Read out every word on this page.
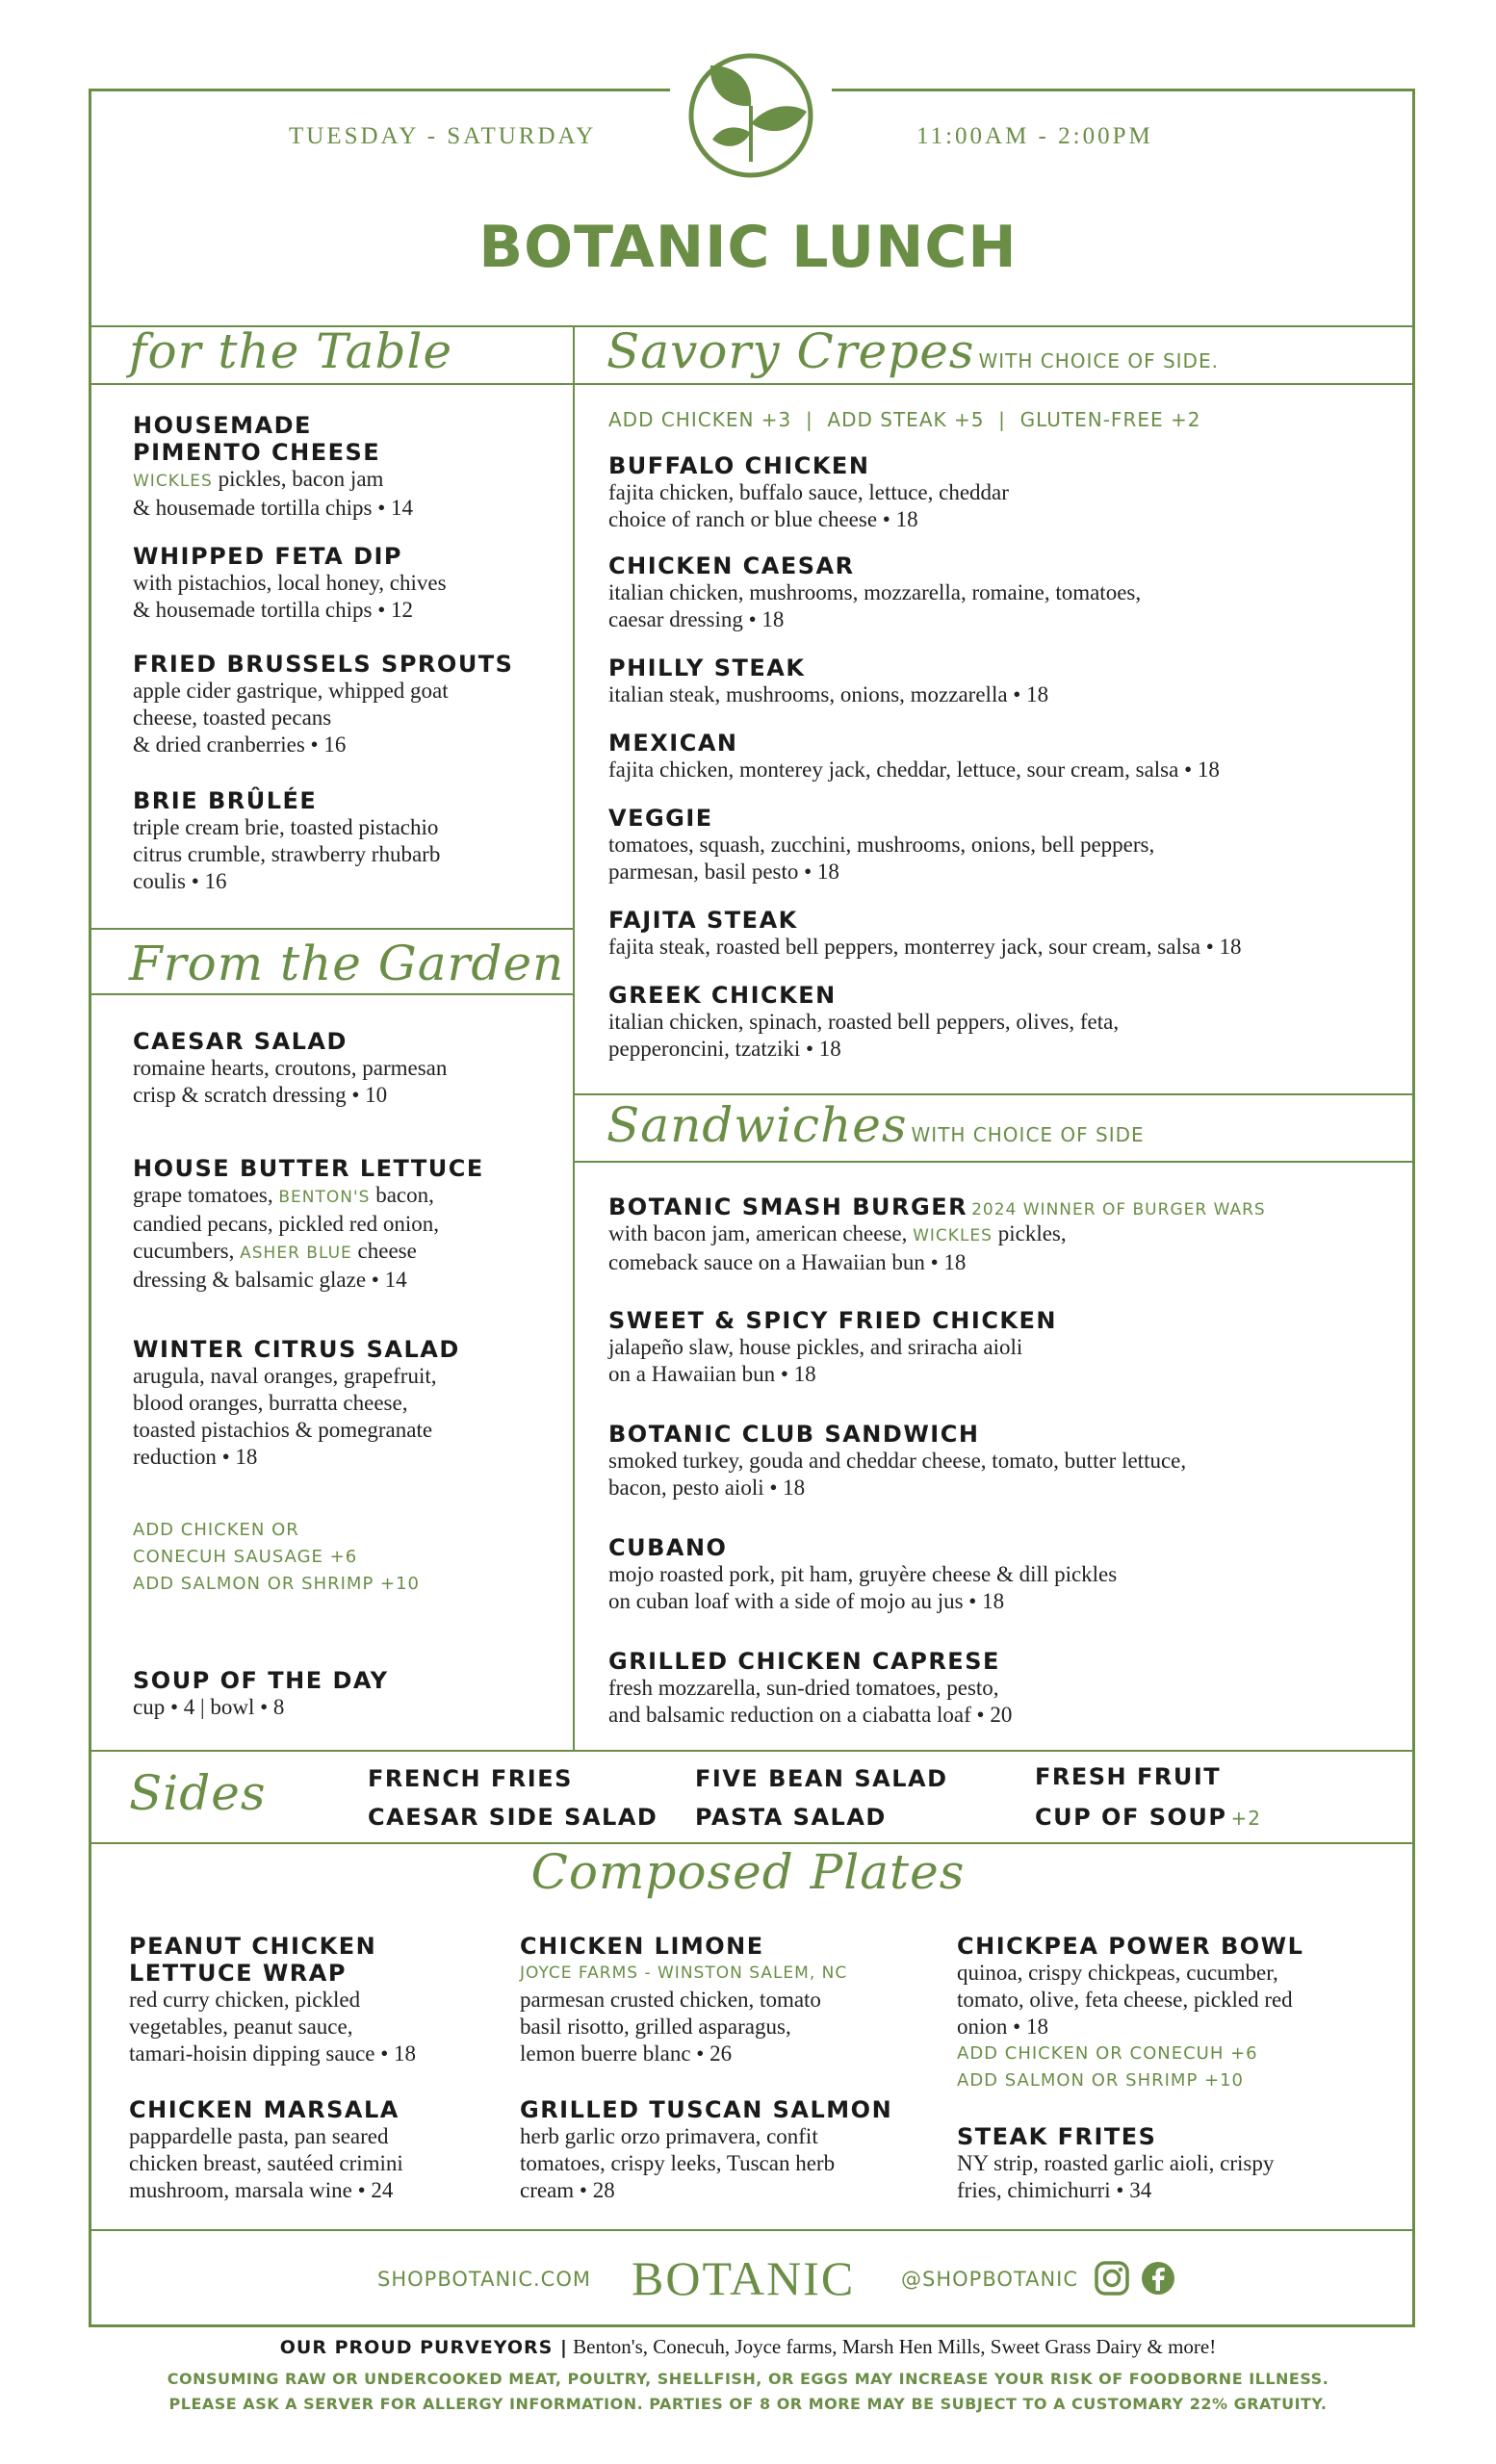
TUESDAY - SATURDAY	11:00AM - 2:00PM
BOTANIC LUNCH
for the Table
HOUSEMADE
PIMENTO CHEESE
WICKLES pickles, bacon jam
& housemade tortilla chips • 14
WHIPPED FETA DIP
with pistachios, local honey, chives
& housemade tortilla chips • 12
FRIED BRUSSELS SPROUTS
apple cider gastrique, whipped goat
cheese, toasted pecans
& dried cranberries • 16
BRIE BRÛLÉE
triple cream brie, toasted pistachio
citrus crumble, strawberry rhubarb
coulis • 16
From the Garden
CAESAR SALAD
romaine hearts, croutons, parmesan
crisp & scratch dressing • 10
HOUSE BUTTER LETTUCE
grape tomatoes, BENTON'S bacon,
candied pecans, pickled red onion,
cucumbers, ASHER BLUE cheese
dressing & balsamic glaze • 14
WINTER CITRUS SALAD
arugula, naval oranges, grapefruit,
blood oranges, burratta cheese,
toasted pistachios & pomegranate
reduction • 18
ADD CHICKEN OR
CONECUH SAUSAGE +6
ADD SALMON OR SHRIMP +10
SOUP OF THE DAY
cup • 4 | bowl • 8
Savory Crepes WITH CHOICE OF SIDE.
ADD CHICKEN +3  |  ADD STEAK +5  |  GLUTEN-FREE +2
BUFFALO CHICKEN
fajita chicken, buffalo sauce, lettuce, cheddar
choice of ranch or blue cheese • 18
CHICKEN CAESAR
italian chicken, mushrooms, mozzarella, romaine, tomatoes,
caesar dressing • 18
PHILLY STEAK
italian steak, mushrooms, onions, mozzarella • 18
MEXICAN
fajita chicken, monterey jack, cheddar, lettuce, sour cream, salsa • 18
VEGGIE
tomatoes, squash, zucchini, mushrooms, onions, bell peppers,
parmesan, basil pesto • 18
FAJITA STEAK
fajita steak, roasted bell peppers, monterrey jack, sour cream, salsa • 18
GREEK CHICKEN
italian chicken, spinach, roasted bell peppers, olives, feta,
pepperoncini, tzatziki • 18
Sandwiches WITH CHOICE OF SIDE
BOTANIC SMASH BURGER 2024 WINNER OF BURGER WARS
with bacon jam, american cheese, WICKLES pickles,
comeback sauce on a Hawaiian bun • 18
SWEET & SPICY FRIED CHICKEN
jalapeño slaw, house pickles, and sriracha aioli
on a Hawaiian bun • 18
BOTANIC CLUB SANDWICH
smoked turkey, gouda and cheddar cheese, tomato, butter lettuce,
bacon, pesto aioli • 18
CUBANO
mojo roasted pork, pit ham, gruyère cheese & dill pickles
on cuban loaf with a side of mojo au jus • 18
GRILLED CHICKEN CAPRESE
fresh mozzarella, sun-dried tomatoes, pesto,
and balsamic reduction on a ciabatta loaf • 20
Sides	FRENCH FRIES
CAESAR SIDE SALAD
FIVE BEAN SALAD
PASTA SALAD
FRESH FRUIT
CUP OF SOUP +2
Composed Plates
PEANUT CHICKEN
LETTUCE WRAP
red curry chicken, pickled
vegetables, peanut sauce,
tamari-hoisin dipping sauce • 18
CHICKEN MARSALA
pappardelle pasta, pan seared
chicken breast, sautéed crimini
mushroom, marsala wine • 24
CHICKEN LIMONE
JOYCE FARMS - WINSTON SALEM, NC
parmesan crusted chicken, tomato
basil risotto, grilled asparagus,
lemon buerre blanc • 26
GRILLED TUSCAN SALMON
herb garlic orzo primavera, confit
tomatoes, crispy leeks, Tuscan herb
cream • 28
CHICKPEA POWER BOWL
quinoa, crispy chickpeas, cucumber,
tomato, olive, feta cheese, pickled red
onion • 18
ADD CHICKEN OR CONECUH +6
ADD SALMON OR SHRIMP +10
STEAK FRITES
NY strip, roasted garlic aioli, crispy
fries, chimichurri • 34
SHOPBOTANIC.COM BOTANIC @SHOPBOTANIC
OUR PROUD PURVEYORS | Benton's, Conecuh, Joyce farms, Marsh Hen Mills, Sweet Grass Dairy & more!
CONSUMING RAW OR UNDERCOOKED MEAT, POULTRY, SHELLFISH, OR EGGS MAY INCREASE YOUR RISK OF FOODBORNE ILLNESS.
PLEASE ASK A SERVER FOR ALLERGY INFORMATION. PARTIES OF 8 OR MORE MAY BE SUBJECT TO A CUSTOMARY 22% GRATUITY.
